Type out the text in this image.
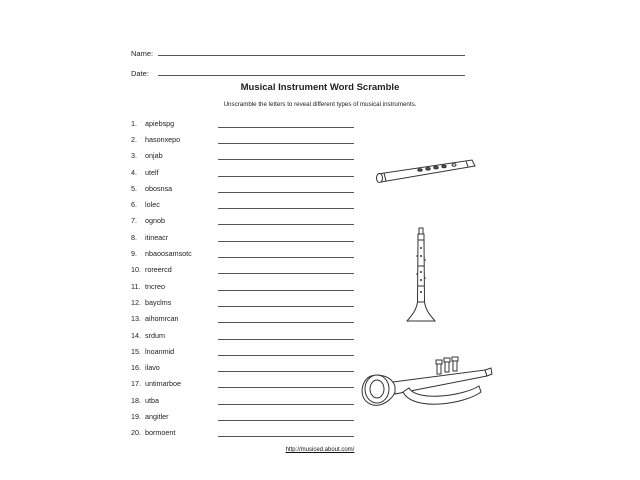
Name:
Date:
Musical Instrument Word Scramble
Unscramble the letters to reveal different types of musical instruments.
1.	apiebspg
2.	hasonxepo
3.	onjab
4.	utelf
5.	obosnsa
6.	lolec
7.	ognob
8.	itineacr
9.	nbaoosamsotc
10. roreercd
11. tncreo
12. bayclms
13. aihomrcan
14. srdum
15. lnoanmid
16. ilavo
17. untimarboe
18. utba
19. angitler
20. bormoent
http://musiced.about.com/
